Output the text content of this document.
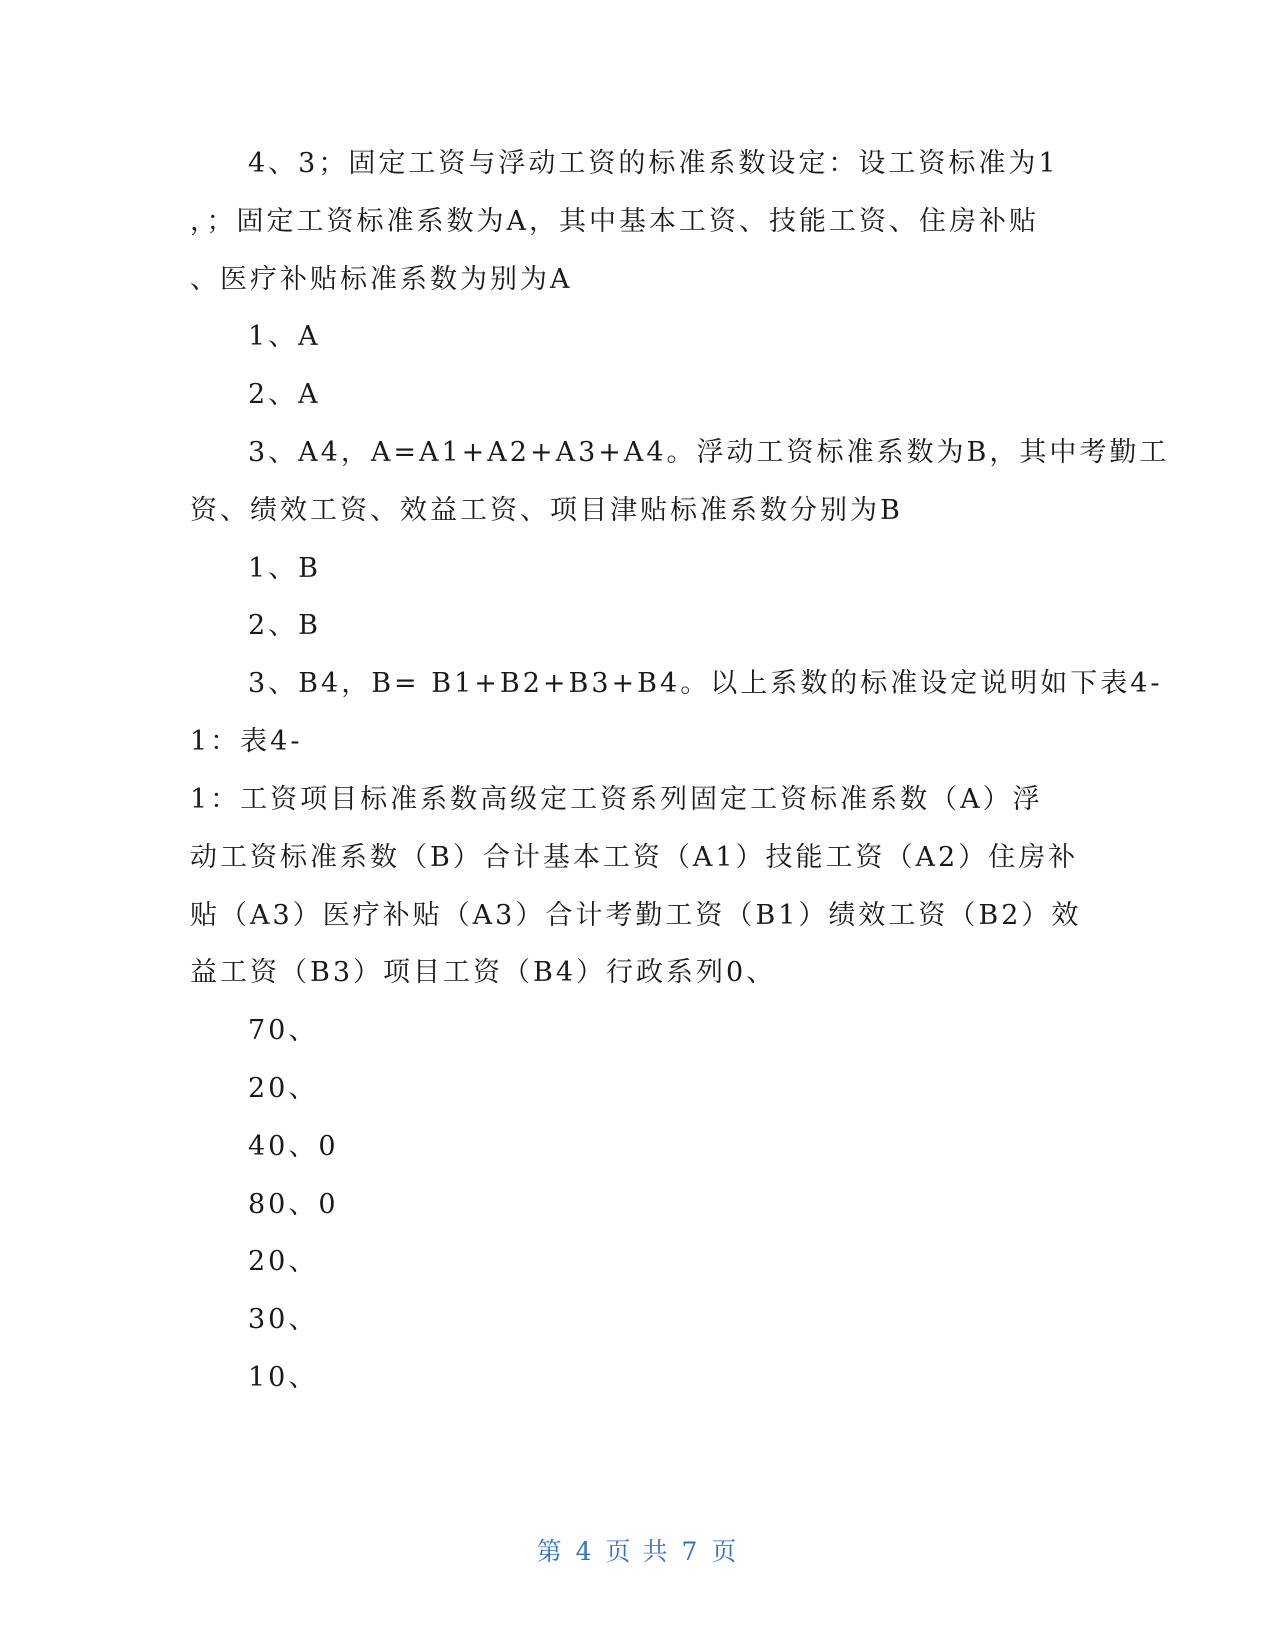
4、3；固定工资与浮动工资的标准系数设定：设工资标准为1
，；固定工资标准系数为A，其中基本工资、技能工资、住房补贴
、医疗补贴标准系数为别为A
1、A
2、A
3、A4，A=A1+A2+A3+A4。浮动工资标准系数为B，其中考勤工
资、绩效工资、效益工资、项目津贴标准系数分别为B
1、B
2、B
3、B4，B= B1+B2+B3+B4。以上系数的标准设定说明如下表4-
1：表4-
1：工资项目标准系数高级定工资系列固定工资标准系数（A）浮
动工资标准系数（B）合计基本工资（A1）技能工资（A2）住房补
贴（A3）医疗补贴（A3）合计考勤工资（B1）绩效工资（B2）效
益工资（B3）项目工资（B4）行政系列0、
70、
20、
40、0
80、0
20、
30、
10、
第 4 页 共 7 页
